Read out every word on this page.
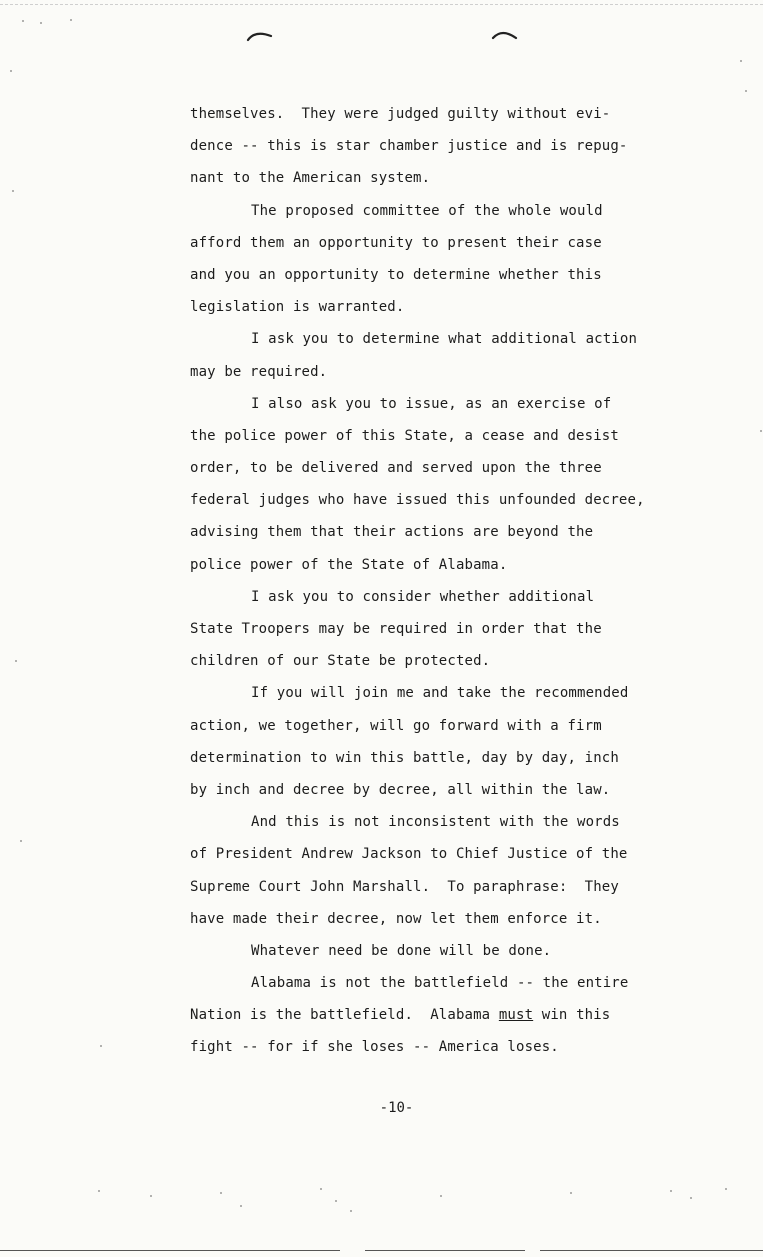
themselves.  They were judged guilty without evi-
dence -- this is star chamber justice and is repug-
nant to the American system.
The proposed committee of the whole would
afford them an opportunity to present their case
and you an opportunity to determine whether this
legislation is warranted.
I ask you to determine what additional action
may be required.
I also ask you to issue, as an exercise of
the police power of this State, a cease and desist
order, to be delivered and served upon the three
federal judges who have issued this unfounded decree,
advising them that their actions are beyond the
police power of the State of Alabama.
I ask you to consider whether additional
State Troopers may be required in order that the
children of our State be protected.
If you will join me and take the recommended
action, we together, will go forward with a firm
determination to win this battle, day by day, inch
by inch and decree by decree, all within the law.
And this is not inconsistent with the words
of President Andrew Jackson to Chief Justice of the
Supreme Court John Marshall.  To paraphrase:  They
have made their decree, now let them enforce it.
Whatever need be done will be done.
Alabama is not the battlefield -- the entire
Nation is the battlefield.  Alabama must win this
fight -- for if she loses -- America loses.
-10-
